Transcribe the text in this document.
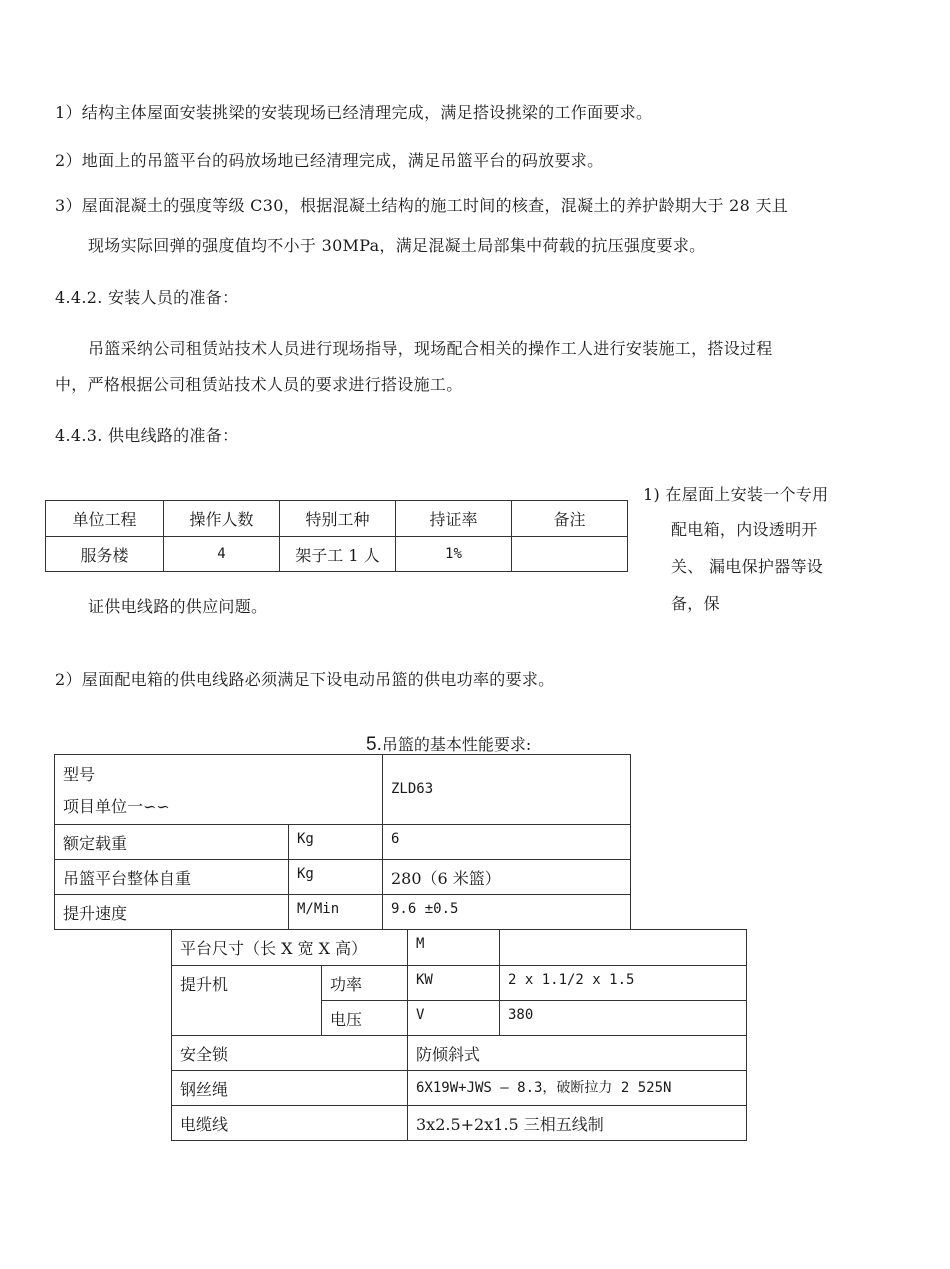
1）结构主体屋面安装挑梁的安装现场已经清理完成，满足搭设挑梁的工作面要求。
2）地面上的吊篮平台的码放场地已经清理完成，满足吊篮平台的码放要求。
3）屋面混凝土的强度等级 C30，根据混凝土结构的施工时间的核查，混凝土的养护龄期大于 28 天且
现场实际回弹的强度值均不小于 30MPa，满足混凝土局部集中荷载的抗压强度要求。
4.4.2. 安装人员的准备：
吊篮采纳公司租赁站技术人员进行现场指导，现场配合相关的操作工人进行安装施工，搭设过程
中，严格根据公司租赁站技术人员的要求进行搭设施工。
4.4.3. 供电线路的准备：
1) 在屋面上安装一个专用
配电箱，内设透明开
关、 漏电保护器等设
备，保
单位工程	操作人数	特别工种	持证率	备注
服务楼	4	架子工 1 人	1%	
证供电线路的供应问题。
2）屋面配电箱的供电线路必须满足下设电动吊篮的供电功率的要求。
5.吊篮的基本性能要求:
型号
项目单位一∽∽		ZLD63
额定载重	Kg	6
吊篮平台整体自重	Kg	280（6 米篮）
提升速度	M/Min	9.6 ±0.5
平台尺寸（长 X 宽 X 高）		M	
提升机	功率	KW	2 x 1.1/2 x 1.5
	电压	V	380
安全锁		防倾斜式	
钢丝绳		6X19W+JWS — 8.3，破断拉力 2 525N	
电缆线		3x2.5+2x1.5 三相五线制	
